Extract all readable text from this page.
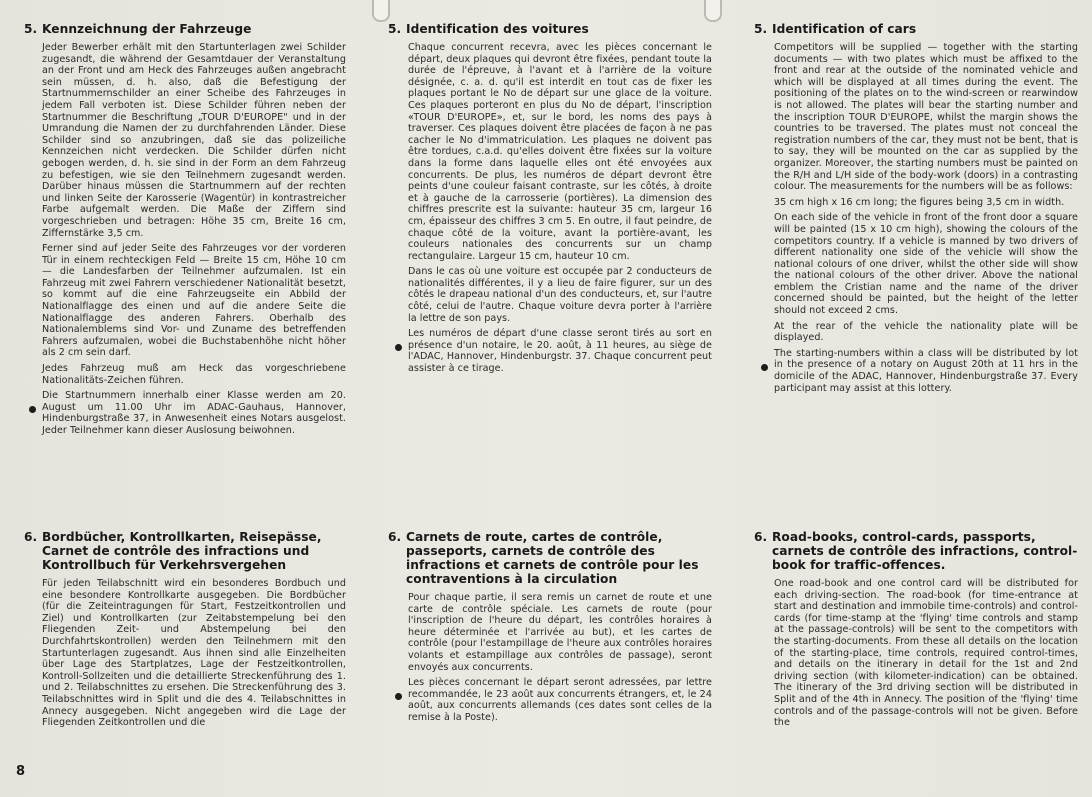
5. Kennzeichnung der Fahrzeuge

Jeder Bewerber erhält mit den Startunterlagen zwei Schilder zugesandt, die während der Gesamtdauer der Veranstaltung an der Front und am Heck des Fahrzeuges außen angebracht sein müssen, d. h. also, daß die Befestigung der Startnummernschilder an einer Scheibe des Fahrzeuges in jedem Fall verboten ist. Diese Schilder führen neben der Startnummer die Beschriftung „TOUR D'EUROPE" und in der Umrandung die Namen der zu durchfahrenden Länder. Diese Schilder sind so anzubringen, daß sie das polizeiliche Kennzeichen nicht verdecken. Die Schilder dürfen nicht gebogen werden, d. h. sie sind in der Form an dem Fahrzeug zu befestigen, wie sie den Teilnehmern zugesandt werden. Darüber hinaus müssen die Startnummern auf der rechten und linken Seite der Karosserie (Wagentür) in kontrastreicher Farbe aufgemalt werden. Die Maße der Ziffern sind vorgeschrieben und betragen: Höhe 35 cm, Breite 16 cm, Ziffernstärke 3,5 cm.

Ferner sind auf jeder Seite des Fahrzeuges vor der vorderen Tür in einem rechteckigen Feld — Breite 15 cm, Höhe 10 cm — die Landesfarben der Teilnehmer aufzumalen. Ist ein Fahrzeug mit zwei Fahrern verschiedener Nationalität besetzt, so kommt auf die eine Fahrzeugseite ein Abbild der Nationalflagge des einen und auf die andere Seite die Nationalflagge des anderen Fahrers. Oberhalb des Nationalemblems sind Vor- und Zuname des betreffenden Fahrers aufzumalen, wobei die Buchstabenhöhe nicht höher als 2 cm sein darf.

Jedes Fahrzeug muß am Heck das vorgeschriebene Nationalitäts-Zeichen führen.

Die Startnummern innerhalb einer Klasse werden am 20. August um 11.00 Uhr im ADAC-Gauhaus, Hannover, Hindenburgstraße 37, in Anwesenheit eines Notars ausgelost. Jeder Teilnehmer kann dieser Auslosung beiwohnen.

5. Identification des voitures

Chaque concurrent recevra, avec les pièces concernant le départ, deux plaques qui devront être fixées, pendant toute la durée de l'épreuve, à l'avant et à l'arrière de la voiture désignée, c. a. d. qu'il est interdit en tout cas de fixer les plaques portant le No de départ sur une glace de la voiture. Ces plaques porteront en plus du No de départ, l'inscription «TOUR D'EUROPE», et, sur le bord, les noms des pays à traverser. Ces plaques doivent être placées de façon à ne pas cacher le No d'immatriculation. Les plaques ne doivent pas être tordues, c.a.d. qu'elles doivent être fixées sur la voiture dans la forme dans laquelle elles ont été envoyées aux concurrents. De plus, les numéros de départ devront être peints d'une couleur faisant contraste, sur les côtés, à droite et à gauche de la carrosserie (portières). La dimension des chiffres prescrite est la suivante: hauteur 35 cm, largeur 16 cm, épaisseur des chiffres 3 cm 5. En outre, il faut peindre, de chaque côté de la voiture, avant la portière-avant, les couleurs nationales des concurrents sur un champ rectangulaire. Largeur 15 cm, hauteur 10 cm.

Dans le cas où une voiture est occupée par 2 conducteurs de nationalités différentes, il y a lieu de faire figurer, sur un des côtés le drapeau national d'un des conducteurs, et, sur l'autre côté, celui de l'autre. Chaque voiture devra porter à l'arrière la lettre de son pays.

Les numéros de départ d'une classe seront tirés au sort en présence d'un notaire, le 20. août, à 11 heures, au siège de l'ADAC, Hannover, Hindenburgstr. 37. Chaque concurrent peut assister à ce tirage.

5. Identification of cars

Competitors will be supplied — together with the starting documents — with two plates which must be affixed to the front and rear at the outside of the nominated vehicle and which will be displayed at all times during the event. The positioning of the plates on to the wind-screen or rearwindow is not allowed. The plates will bear the starting number and the inscription TOUR D'EUROPE, whilst the margin shows the countries to be traversed. The plates must not conceal the registration numbers of the car, they must not be bent, that is to say, they will be mounted on the car as supplied by the organizer. Moreover, the starting numbers must be painted on the R/H and L/H side of the body-work (doors) in a contrasting colour. The measurements for the numbers will be as follows:

35 cm high x 16 cm long; the figures being 3,5 cm in width.

On each side of the vehicle in front of the front door a square will be painted (15 x 10 cm high), showing the colours of the competitors country. If a vehicle is manned by two drivers of different nationality one side of the vehicle will show the national colours of one driver, whilst the other side will show the national colours of the other driver. Above the national emblem the Cristian name and the name of the driver concerned should be painted, but the height of the letter should not exceed 2 cms.

At the rear of the vehicle the nationality plate will be displayed.

The starting-numbers within a class will be distributed by lot in the presence of a notary on August 20th at 11 hrs in the domicile of the ADAC, Hannover, Hindenburgstraße 37. Every participant may assist at this lottery.

6. Bordbücher, Kontrollkarten, Reisepässe, Carnet de contrôle des infractions und Kontrollbuch für Verkehrsvergehen

Für jeden Teilabschnitt wird ein besonderes Bordbuch und eine besondere Kontrollkarte ausgegeben. Die Bordbücher (für die Zeiteintragungen für Start, Festzeitkontrollen und Ziel) und Kontrollkarten (zur Zeitabstempelung bei den Fliegenden Zeit- und Abstempelung bei den Durchfahrtskontrollen) werden den Teilnehmern mit den Startunterlagen zugesandt. Aus ihnen sind alle Einzelheiten über Lage des Startplatzes, Lage der Festzeitkontrollen, Kontroll-Sollzeiten und die detaillierte Streckenführung des 1. und 2. Teilabschnittes zu ersehen. Die Streckenführung des 3. Teilabschnittes wird in Split und die des 4. Teilabschnittes in Annecy ausgegeben. Nicht angegeben wird die Lage der Fliegenden Zeitkontrollen und die

6. Carnets de route, cartes de contrôle, passeports, carnets de contrôle des infractions et carnets de contrôle pour les contraventions à la circulation

Pour chaque partie, il sera remis un carnet de route et une carte de contrôle spéciale. Les carnets de route (pour l'inscription de l'heure du départ, les contrôles horaires à heure déterminée et l'arrivée au but), et les cartes de contrôle (pour l'estampillage de l'heure aux contrôles horaires volants et estampillage aux contrôles de passage), seront envoyés aux concurrents.

Les pièces concernant le départ seront adressées, par lettre recommandée, le 23 août aux concurrents étrangers, et, le 24 août, aux concurrents allemands (ces dates sont celles de la remise à la Poste).

6. Road-books, control-cards, passports, carnets de contrôle des infractions, control-book for traffic-offences.

One road-book and one control card will be distributed for each driving-section. The road-book (for time-entrance at start and destination and immobile time-controls) and control-cards (for time-stamp at the 'flying' time controls and stamp at the passage-controls) will be sent to the competitors with the starting-documents. From these all details on the location of the starting-place, time controls, required control-times, and details on the itinerary in detail for the 1st and 2nd driving section (with kilometer-indication) can be obtained. The itinerary of the 3rd driving section will be distributed in Split and of the 4th in Annecy. The position of the 'flying' time controls and of the passage-controls will not be given. Before the

8
